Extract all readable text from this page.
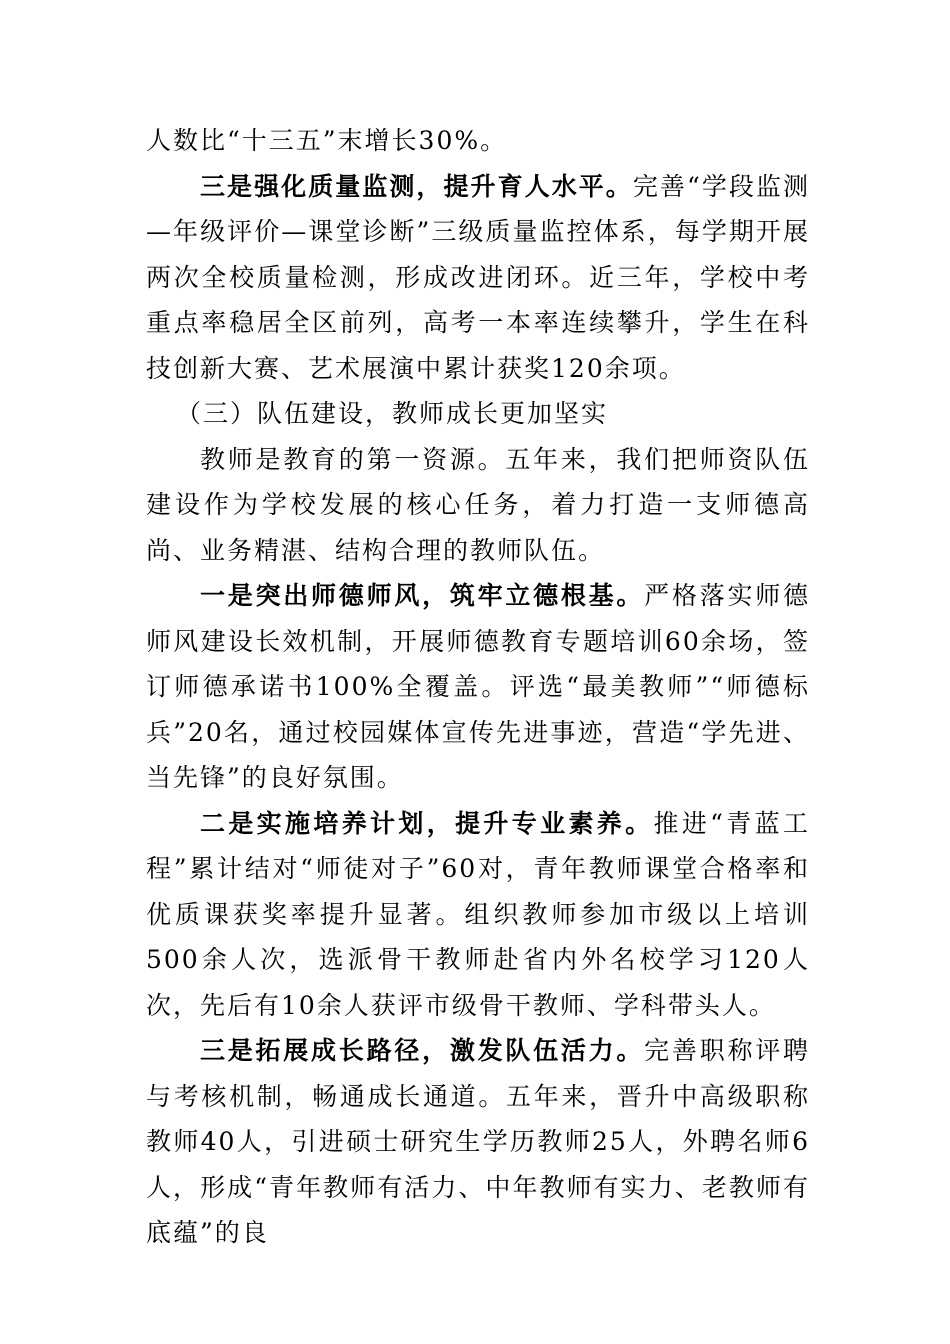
人数比“十三五”末增长30%。

三是强化质量监测，提升育人水平。完善“学段监测—年级评价—课堂诊断”三级质量监控体系，每学期开展两次全校质量检测，形成改进闭环。近三年，学校中考重点率稳居全区前列，高考一本率连续攀升，学生在科技创新大赛、艺术展演中累计获奖120余项。

（三）队伍建设，教师成长更加坚实

教师是教育的第一资源。五年来，我们把师资队伍建设作为学校发展的核心任务，着力打造一支师德高尚、业务精湛、结构合理的教师队伍。

一是突出师德师风，筑牢立德根基。严格落实师德师风建设长效机制，开展师德教育专题培训60余场，签订师德承诺书100%全覆盖。评选“最美教师”“师德标兵”20名，通过校园媒体宣传先进事迹，营造“学先进、当先锋”的良好氛围。

二是实施培养计划，提升专业素养。推进“青蓝工程”累计结对“师徒对子”60对，青年教师课堂合格率和优质课获奖率提升显著。组织教师参加市级以上培训500余人次，选派骨干教师赴省内外名校学习120人次，先后有10余人获评市级骨干教师、学科带头人。

三是拓展成长路径，激发队伍活力。完善职称评聘与考核机制，畅通成长通道。五年来，晋升中高级职称教师40人，引进硕士研究生学历教师25人，外聘名师6人，形成“青年教师有活力、中年教师有实力、老教师有底蕴”的良
